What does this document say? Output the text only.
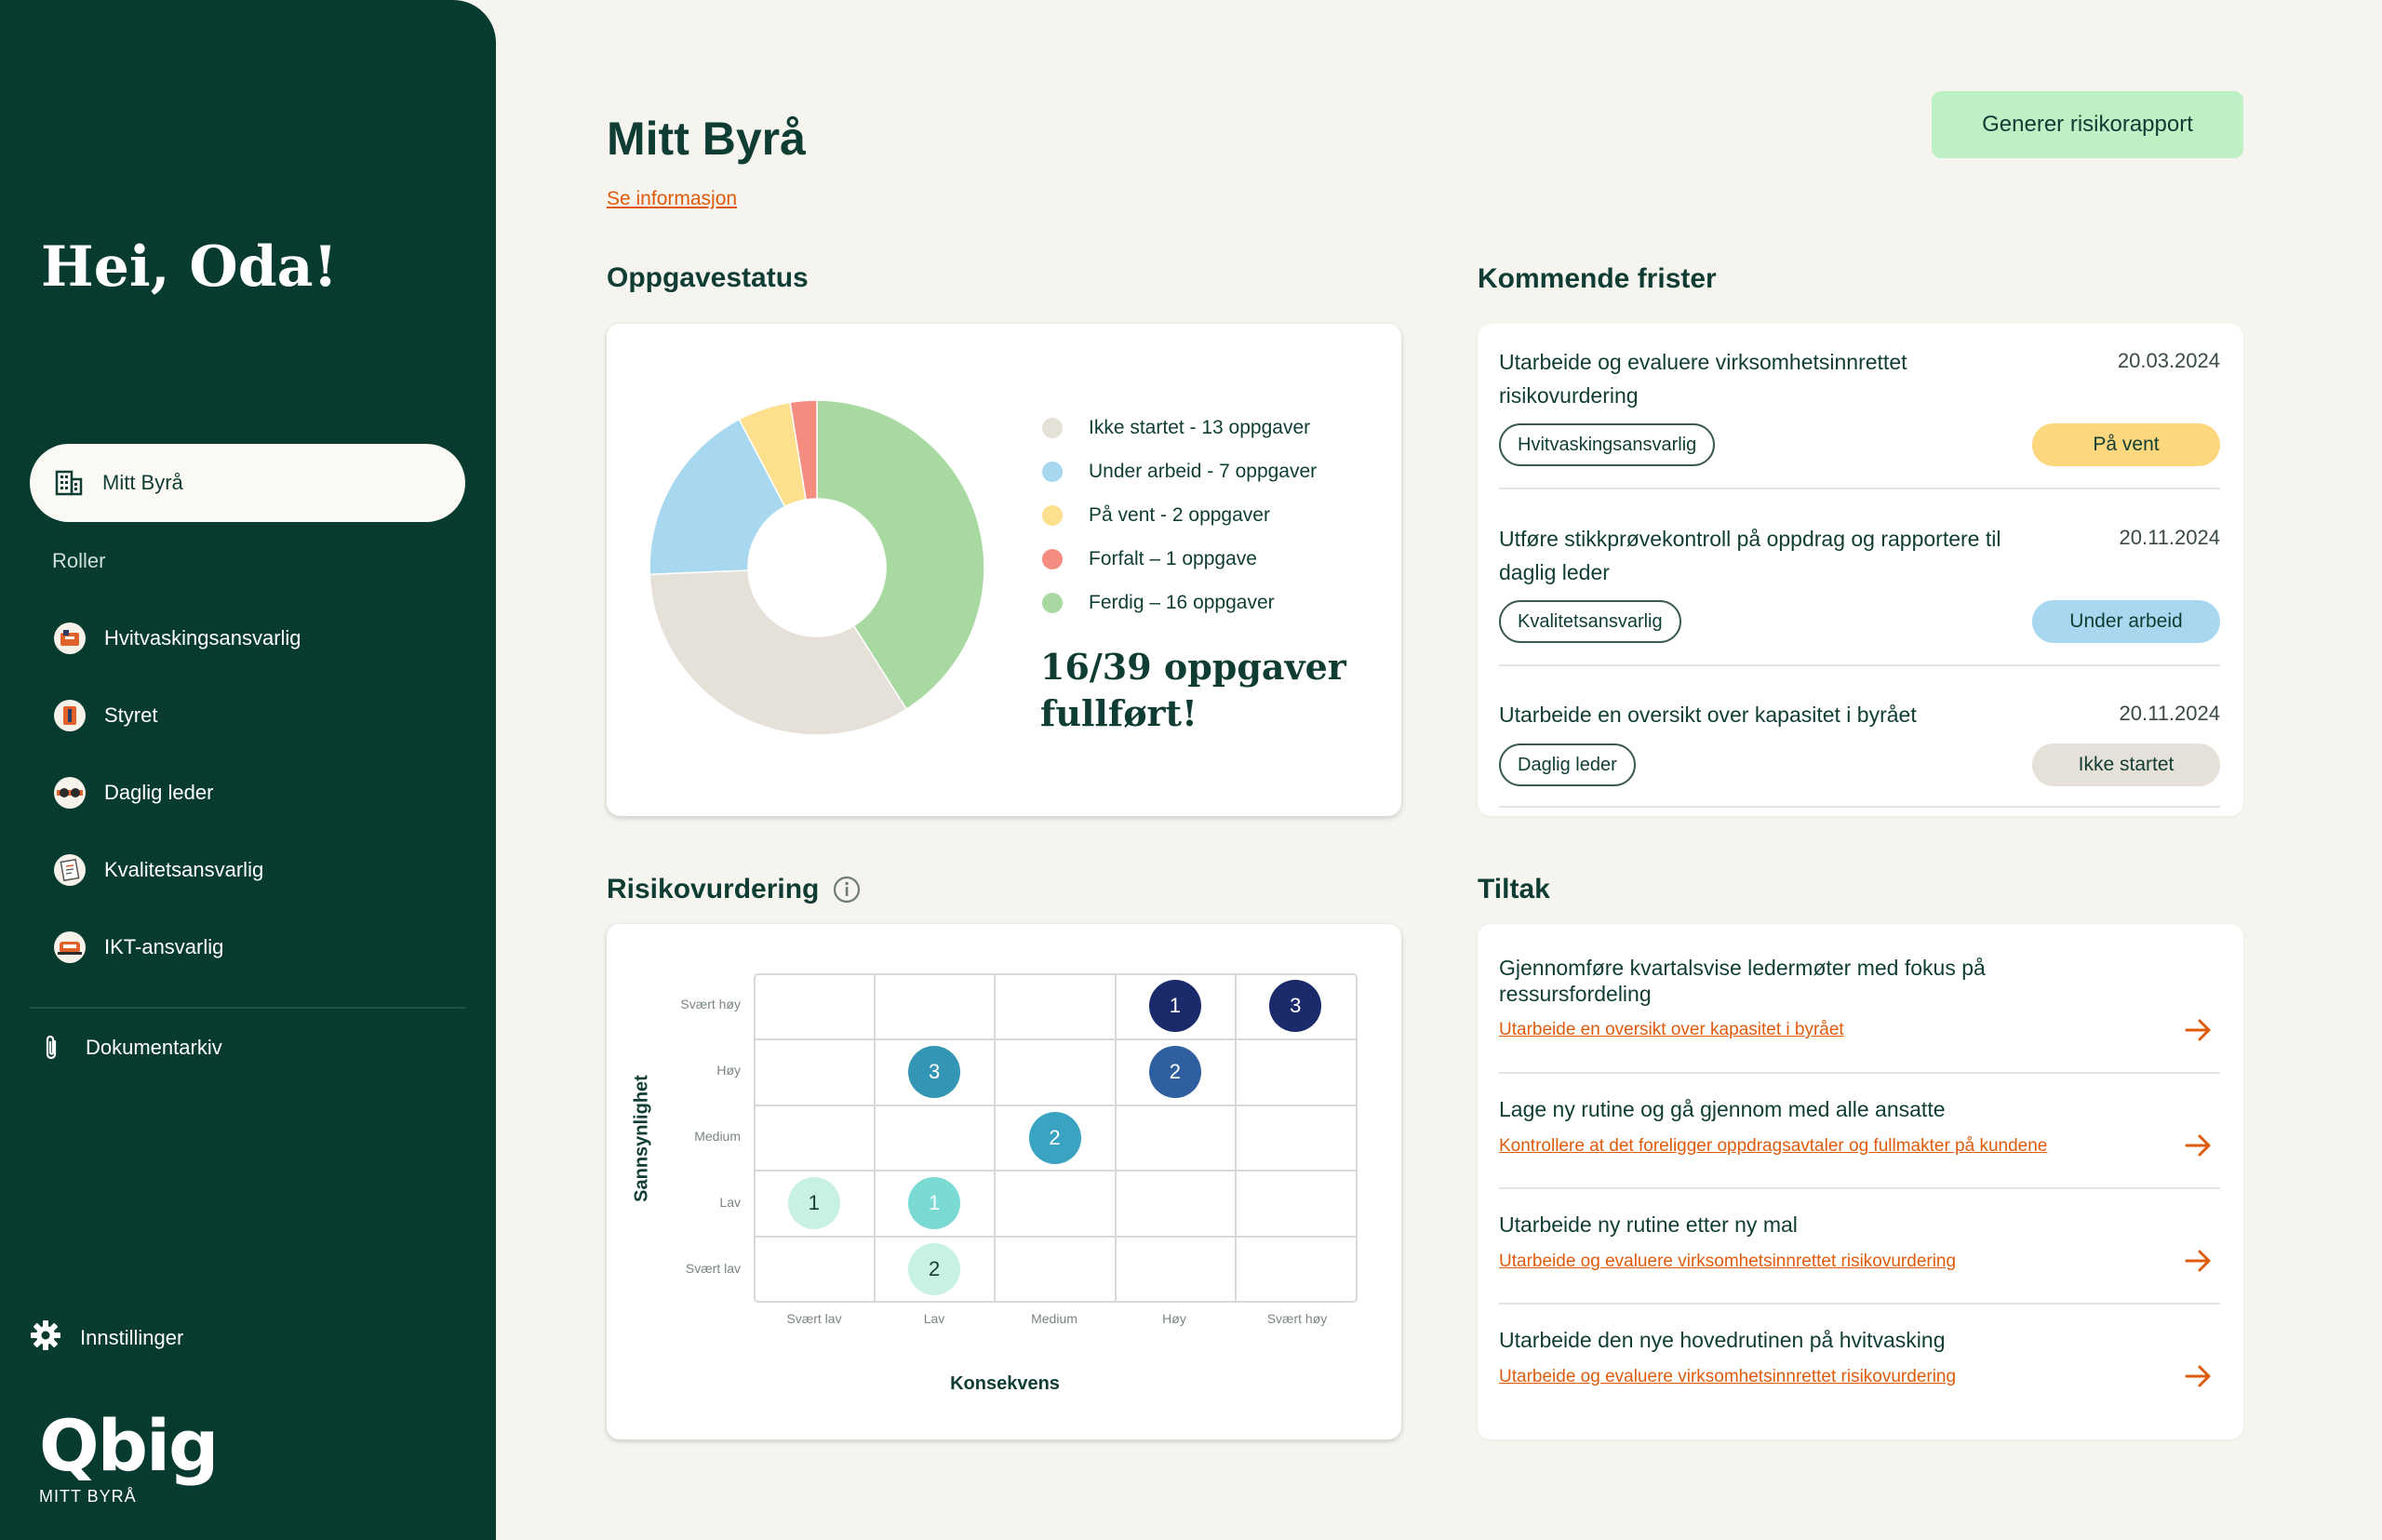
Hei, Oda!
Mitt Byrå
Roller
Hvitvaskingsansvarlig
Styret
Daglig leder
Kvalitetsansvarlig
IKT-ansvarlig
Dokumentarkiv
Innstillinger
Qbig
MITT BYRÅ
Mitt Byrå
Se informasjon
Generer risikorapport
Oppgavestatus
Ikke startet - 13 oppgaver
Under arbeid - 7 oppgaver
På vent - 2 oppgaver
Forfalt – 1 oppgave
Ferdig – 16 oppgaver
16/39 oppgaver fullført!
Kommende frister
Utarbeide og evaluere virksomhetsinnrettet risikovurdering
20.03.2024
Hvitvaskingsansvarlig	På vent
Utføre stikkprøvekontroll på oppdrag og rapportere til daglig leder
20.11.2024
Kvalitetsansvarlig	Under arbeid
Utarbeide en oversikt over kapasitet i byrået	20.11.2024
Daglig leder	Ikke startet
Risikovurdering
Svært høy
Høy
Medium
Lav
Svært lav
Svært lav	Lav	Medium	Høy	Svært høy
Sannsynlighet
Konsekvens
1	3
3	2
2
1	1
2
Tiltak
Gjennomføre kvartalsvise ledermøter med fokus på ressursfordeling
Utarbeide en oversikt over kapasitet i byrået
Lage ny rutine og gå gjennom med alle ansatte
Kontrollere at det foreligger oppdragsavtaler og fullmakter på kundene
Utarbeide ny rutine etter ny mal
Utarbeide og evaluere virksomhetsinnrettet risikovurdering
Utarbeide den nye hovedrutinen på hvitvasking
Utarbeide og evaluere virksomhetsinnrettet risikovurdering
